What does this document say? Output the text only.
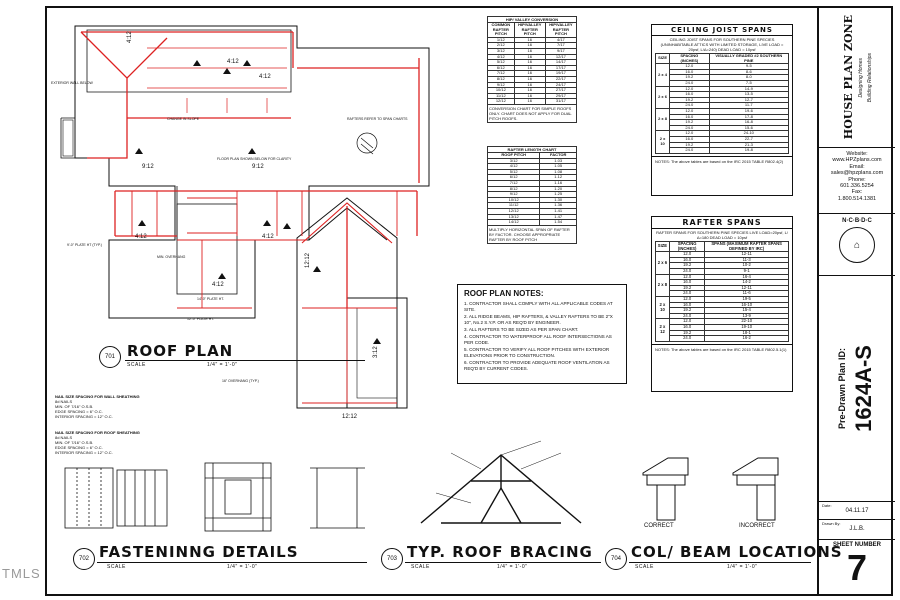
TMLS
4:12
4:12
4:12
9:12	9:12
4:12
4:12
4:12
12:12
3:12
12:12
EXTERIOR WALL BELOW
CHANGE IN SLOPE	RAFTERS REFER TO SPAN CHARTS
FLOOR PLAN SHOWN BELOW FOR CLARITY
16" OVERHANG (TYP.)
9'-0" PLATE HT (TYP.)
14'-0" PLATE HT.
12'-0" PLATE HT.
MIN. OVERHANG
701 ROOF PLAN
SCALE	1/4" = 1'-0"
HIP/ VALLEY CONVERSION
COMMON RAFTER PITCH	HIP/VALLEY RAFTER PITCH	HIP/VALLEY RAFTER PITCH
1/12	16	4/17
2/12	16	7/17
3/12	16	9/17
4/12	16	12/17
5/12	16	14/17
6/12	16	17/17
7/12	16	19/17
8/12	16	22/17
9/12	16	24/17
10/12	16	27/17
11/12	16	29/17
12/12	16	31/17
CONVERSION CHART FOR SIMPLE ROOFS ONLY. CHART DOES NOT APPLY FOR DUAL PITCH ROOFS.
RAFTER LENGTH CHART
ROOF PITCH	FACTOR
3/12	1.03
4/12	1.05
5/12	1.08
6/12	1.12
7/12	1.16
8/12	1.20
9/12	1.25
10/12	1.30
11/12	1.36
12/12	1.41
13/12	1.47
14/12	1.54
MULTIPLY HORIZONTAL SPAN OF RAFTER BY FACTOR. CHOOSE APPROPRIATE RAFTER BY ROOF PITCH
CEILING JOIST SPANS
CEILING JOIST SPANS FOR SOUTHERN PINE SPECIES (UNINHABITABLE ATTICS WITH LIMITED STORAGE, LIVE LOAD = 20psf, L/Δ=240) DEAD LOAD = 10psf
SIZE	SPACING (INCHES)	VISUALLY GRADED #2 SOUTHERN PINE
2 x 4	12.0	9-5
	16.0	8-6
	19.2	8-0
	24.0	7-5
2 x 6	12.0	14-9
	16.0	13-5
	19.2	12-7
	24.0	11-7
2 x 8	12.0	19-6
	16.0	17-8
	19.2	16-8
	24.0	15-6
2 x 10	12.0	24-10
	16.0	22-7
	19.2	21-3
	24.0	19-8
NOTES: The above tables are based on the IRC 2015 TABLE R802.4(2)
RAFTER SPANS
RAFTER SPANS FOR SOUTHERN PINE SPECIES LIVE LOAD=20psf, L/Δ=180 DEAD LOAD = 10psf
SIZE	SPACING (INCHES)	SPANS (MAXIMUM RAFTER SPANS DEFINED BY IRC)
2 x 6	12.0	12-11
	16.0	11-3
	19.2	10-2
	24.0	9-1
2 x 8	12.0	16-4
	16.0	14-2
	19.2	12-11
	24.0	11-6
2 x 10	12.0	19-5
	16.0	16-10
	19.2	15-4
	24.0	13-9
2 x 12	12.0	22-10
	16.0	19-10
	19.2	18-1
	24.0	16-2
NOTES: The above tables are based on the IRC 2015 TABLE R802.5.1(1)
ROOF PLAN NOTES:
1. CONTRACTOR SHALL COMPLY WITH ALL APPLICABLE CODES AT SITE.
2. ALL RIDGE BEAMS, HIP RAFTERS, & VALLEY RAFTERS TO BE 2"X 10", No.2 S.Y.P. OR AS REQ'D BY ENGINEER.
3. ALL RAFTERS TO BE SIZED AS PER SPAN CHART.
4. CONTRACTOR TO WATERPROOF ALL ROOF INTERSECTIONS AS PER CODE.
5. CONTRACTOR TO VERIFY ALL ROOF PITCHES WITH EXTERIOR ELEVATIONS PRIOR TO CONSTRUCTION.
6. CONTRACTOR TO PROVIDE ADEQUATE ROOF VENTILATION AS REQ'D BY CURRENT CODES.
NAIL SIZE SPACING FOR WALL SHEATHING
8d NAILS
MIN. OF 7/16" O.S.B.
EDGE SPACING = 6" O.C.
INTERIOR SPACING = 12" O.C.
NAIL SIZE SPACING FOR ROOF SHEATHING
8d NAILS
MIN. OF 7/16" O.S.B.
EDGE SPACING = 6" O.C.
INTERIOR SPACING = 12" O.C.
702 FASTENINNG DETAILS
SCALE	1/4" = 1'-0"
703 TYP. ROOF BRACING
SCALE	1/4" = 1'-0"
CORRECT	INCORRECT
704 COL/ BEAM LOCATIONS
SCALE	1/4" = 1'-0"
HOUSE PLAN ZONE Designing Homes Building Relationships
Website:
www.HPZplans.com
Email:
sales@hpzplans.com
Phone:
601.336.5254
Fax:
1.800.514.1381
N·C·B·D·C
⌂
Pre-Drawn Plan ID: 1624A-S
Date:
04.11.17
Drawn By:
J.L.B.
SHEET NUMBER
7
